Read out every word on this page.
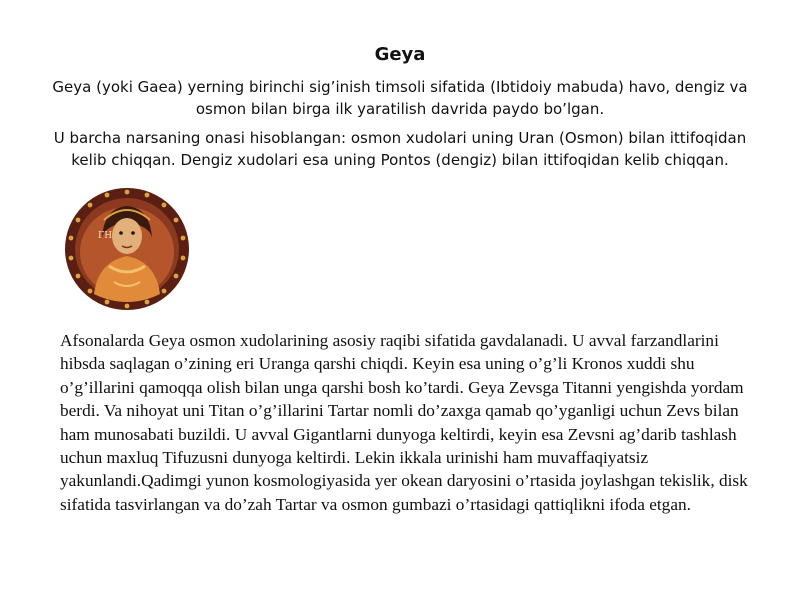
Geya
Geya (yoki Gaea) yerning birinchi sig’inish timsoli sifatida (Ibtidoiy mabuda) havo, dengiz va osmon bilan birga ilk yaratilish davrida paydo bo’lgan.
U barcha narsaning onasi hisoblangan: osmon xudolari uning Uran (Osmon) bilan ittifoqidan kelib chiqqan. Dengiz xudolari esa uning Pontos (dengiz) bilan ittifoqidan kelib chiqqan.
ΓΗ
Afsonalarda Geya osmon xudolarining asosiy raqibi sifatida gavdalanadi. U avval farzandlarini hibsda saqlagan o’zining eri Uranga qarshi chiqdi. Keyin esa uning o’g’li Kronos xuddi shu o’g’illarini qamoqqa olish bilan unga qarshi bosh ko’tardi. Geya Zevsga Titanni yengishda yordam berdi. Va nihoyat uni Titan o’g’illarini Tartar nomli do’zaxga qamab qo’yganligi uchun Zevs bilan ham munosabati buzildi. U avval Gigantlarni dunyoga keltirdi, keyin esa Zevsni ag’darib tashlash uchun maxluq Tifuzusni dunyoga keltirdi. Lekin ikkala urinishi ham muvaffaqiyatsiz yakunlandi.Qadimgi yunon kosmologiyasida yer okean daryosini o’rtasida joylashgan tekislik, disk sifatida tasvirlangan va do’zah Tartar va osmon gumbazi o’rtasidagi qattiqlikni ifoda etgan.
